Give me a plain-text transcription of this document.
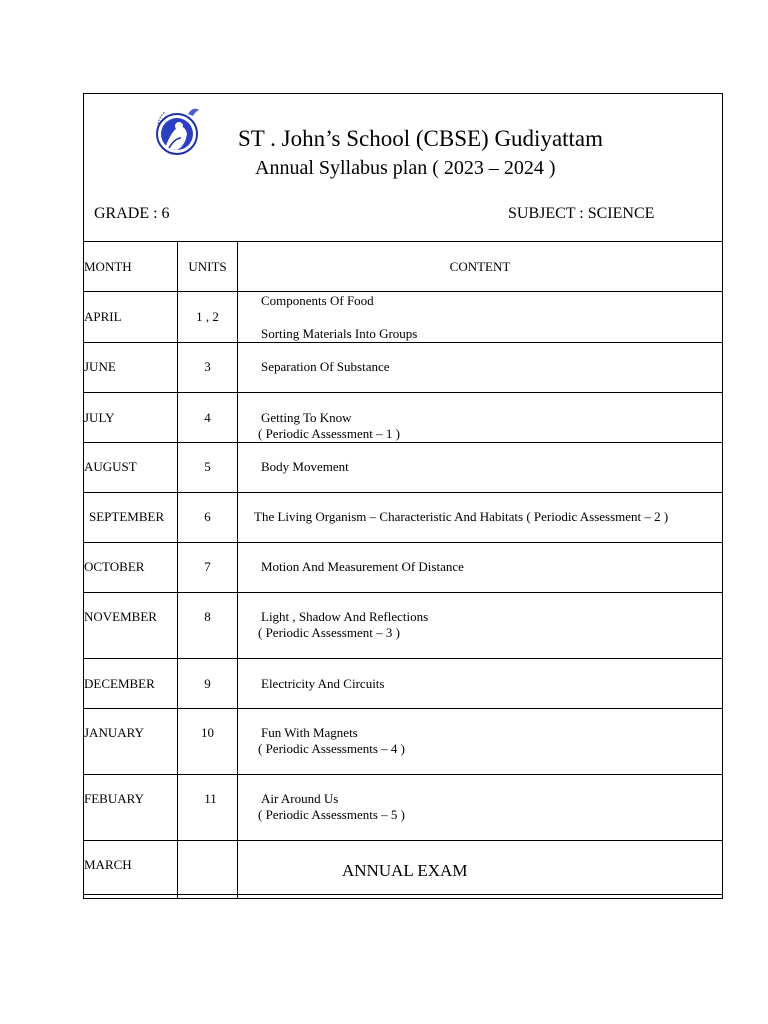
ST . John’s School (CBSE) Gudiyattam
Annual Syllabus plan ( 2023 – 2024 )
GRADE : 6	SUBJECT : SCIENCE
MONTH	UNITS	CONTENT

APRIL	1 , 2	Components Of Food
Sorting Materials Into Groups

JUNE	3	Separation Of Substance

JULY	4	Getting To Know
( Periodic Assessment – 1 )

AUGUST	5	Body Movement

SEPTEMBER	6	The Living Organism – Characteristic And Habitats ( Periodic Assessment – 2 )

OCTOBER	7	Motion And Measurement Of Distance

NOVEMBER	8	Light , Shadow And Reflections
( Periodic Assessment – 3 )

DECEMBER	9	Electricity And Circuits

JANUARY	10	Fun With Magnets
( Periodic Assessments – 4 )

FEBUARY	11	Air Around Us
( Periodic Assessments – 5 )

MARCH		ANNUAL EXAM
